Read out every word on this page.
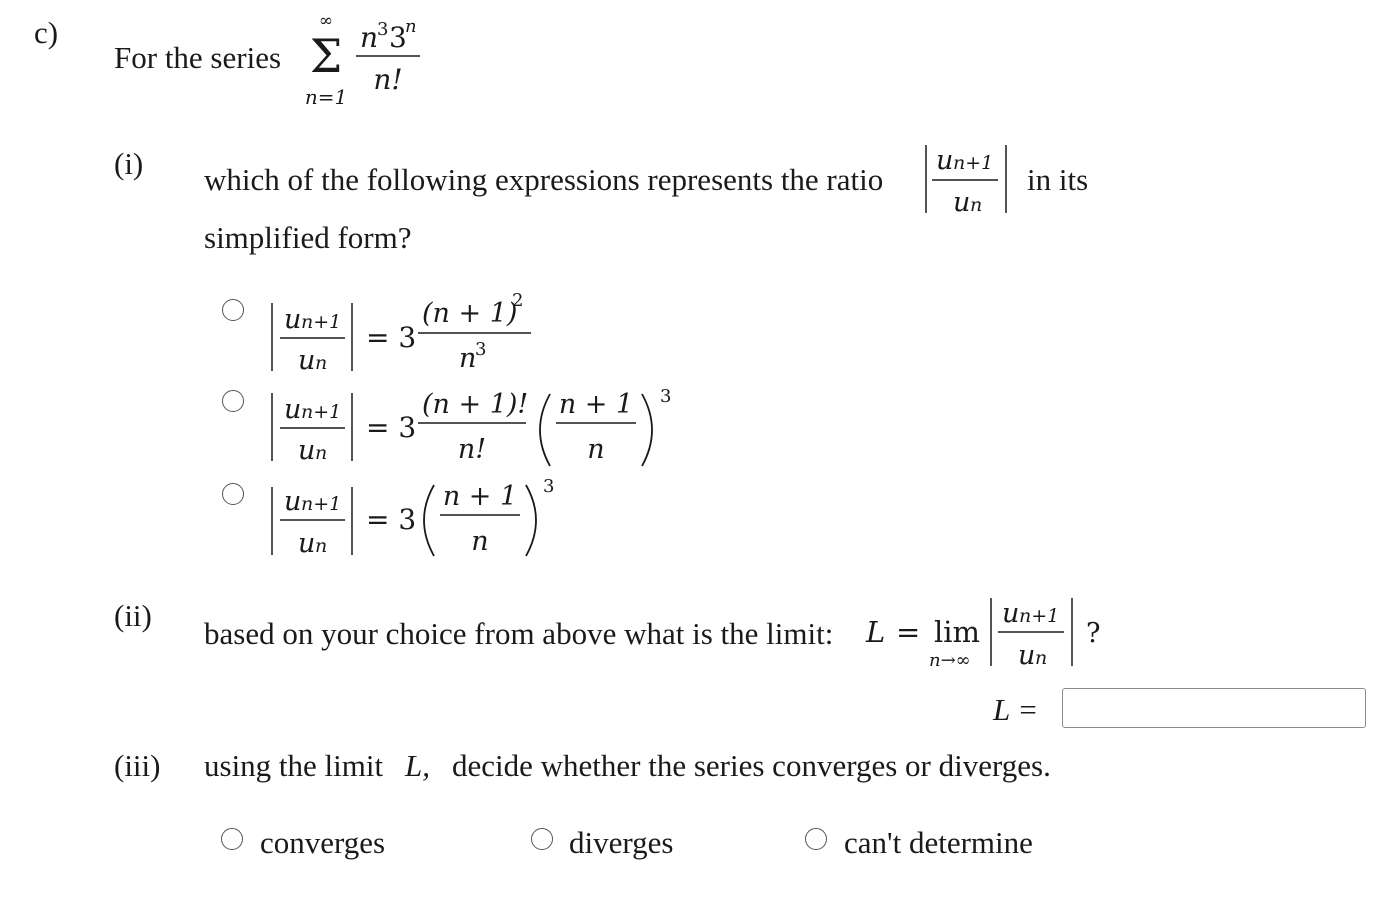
c)
For the series
∞
Σ
n=1
n
3 3
n
n!
u n+1
u n
u n+1
u n
= 3
(n + 1)
2
n
3
u n+1
u n
= 3
(n + 1)!
n!
n + 1
n
3
u n+1
u n
= 3
n + 1
n
3
L = lim
n→∞
u n+1
u n
?
(i) which of the following expressions represents the ratio	in its
simplified form?
(ii)
based on your choice from above what is the limit:
L =
(iii) using the limit L, decide whether the series converges or diverges.
converges	diverges	can't determine
